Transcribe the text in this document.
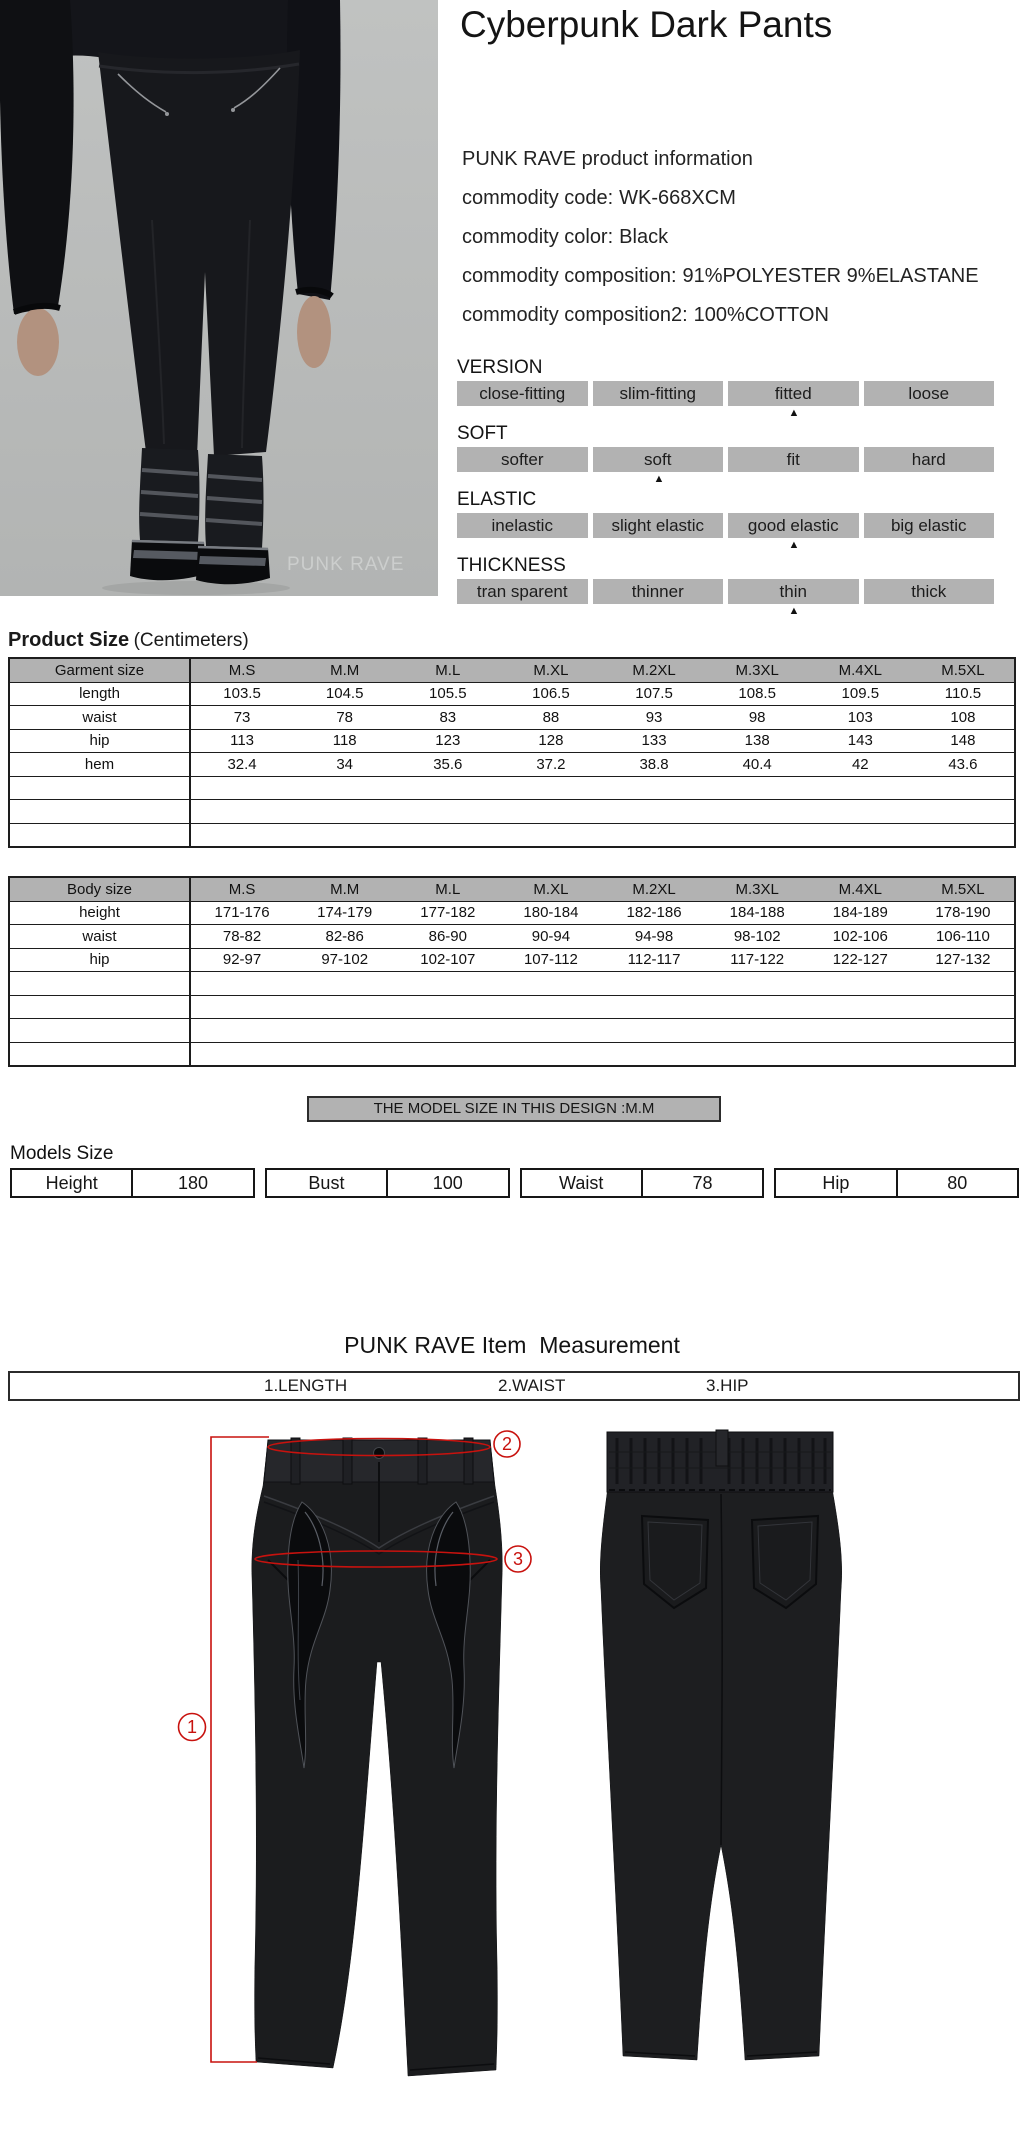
PUNK RAVE
Cyberpunk Dark Pants
PUNK RAVE product information
commodity code: WK-668XCM
commodity color: Black
commodity composition: 91%POLYESTER 9%ELASTANE
commodity composition2: 100%COTTON
VERSION
close-fitting	slim-fitting	fitted	loose
▲
SOFT
softer	soft	fit	hard
▲
ELASTIC
inelastic	slight elastic	good elastic	big elastic
▲
THICKNESS
tran sparent	thinner	thin	thick
▲
Product Size (Centimeters)
Garment size	M.S	M.M	M.L	M.XL	M.2XL	M.3XL	M.4XL	M.5XL
length	103.5	104.5	105.5	106.5	107.5	108.5	109.5	110.5
waist	73	78	83	88	93	98	103	108
hip	113	118	123	128	133	138	143	148
hem	32.4	34	35.6	37.2	38.8	40.4	42	43.6

Body size	M.S	M.M	M.L	M.XL	M.2XL	M.3XL	M.4XL	M.5XL
height	171-176	174-179	177-182	180-184	182-186	184-188	184-189	178-190
waist	78-82	82-86	86-90	90-94	94-98	98-102	102-106	106-110
hip	92-97	97-102	102-107	107-112	112-117	117-122	122-127	127-132

THE MODEL SIZE IN THIS DESIGN :M.M
Models Size
Height	180	Bust	100	Waist	78	Hip	80
PUNK RAVE Item  Measurement
1.LENGTH	2.WAIST	3.HIP
1
2
3
